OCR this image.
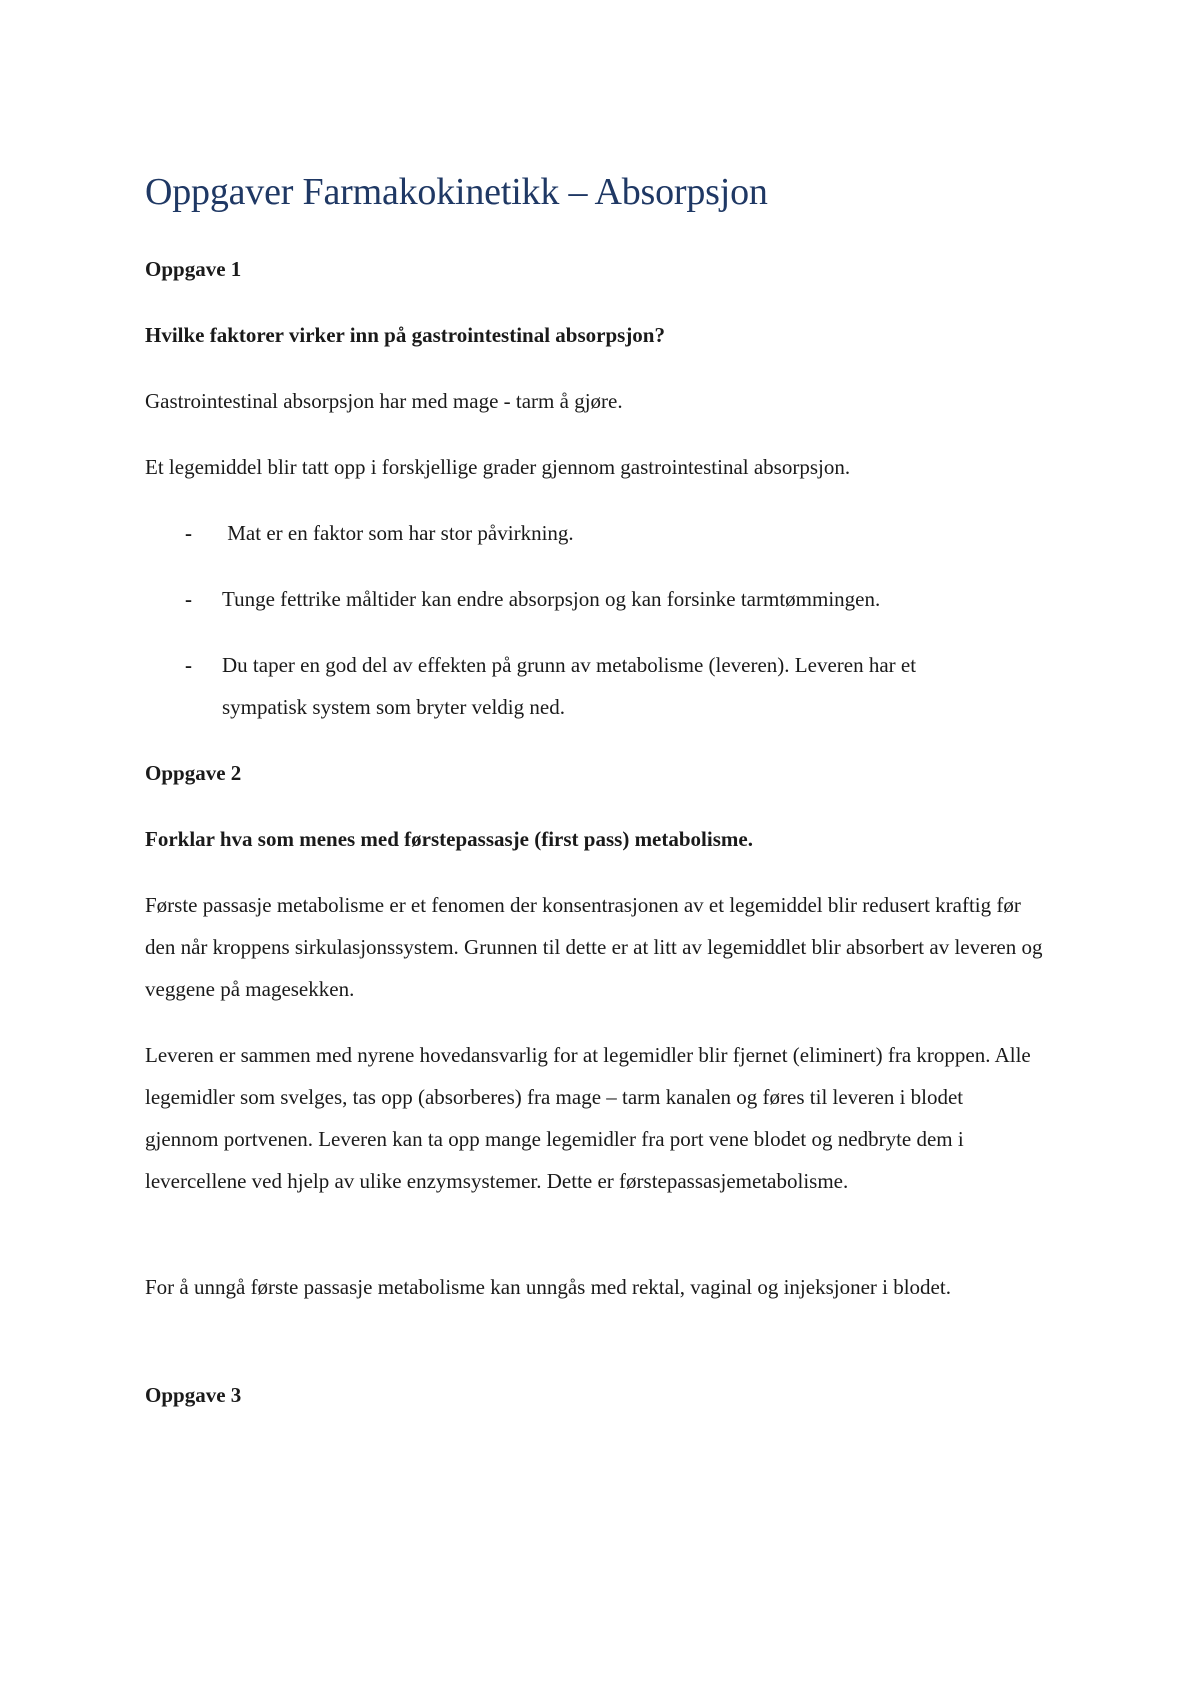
Oppgaver Farmakokinetikk – Absorpsjon

Oppgave 1

Hvilke faktorer virker inn på gastrointestinal absorpsjon?

Gastrointestinal absorpsjon har med mage - tarm å gjøre.

Et legemiddel blir tatt opp i forskjellige grader gjennom gastrointestinal absorpsjon.

- Mat er en faktor som har stor påvirkning.
- Tunge fettrike måltider kan endre absorpsjon og kan forsinke tarmtømmingen.
- Du taper en god del av effekten på grunn av metabolisme (leveren). Leveren har et sympatisk system som bryter veldig ned.

Oppgave 2

Forklar hva som menes med førstepassasje (first pass) metabolisme.

Første passasje metabolisme er et fenomen der konsentrasjonen av et legemiddel blir redusert kraftig før den når kroppens sirkulasjonssystem. Grunnen til dette er at litt av legemiddlet blir absorbert av leveren og veggene på magesekken.

Leveren er sammen med nyrene hovedansvarlig for at legemidler blir fjernet (eliminert) fra kroppen. Alle legemidler som svelges, tas opp (absorberes) fra mage – tarm kanalen og føres til leveren i blodet gjennom portvenen. Leveren kan ta opp mange legemidler fra port vene blodet og nedbryte dem i levercellene ved hjelp av ulike enzymsystemer. Dette er førstepassasjemetabolisme.

For å unngå første passasje metabolisme kan unngås med rektal, vaginal og injeksjoner i blodet.

Oppgave 3
